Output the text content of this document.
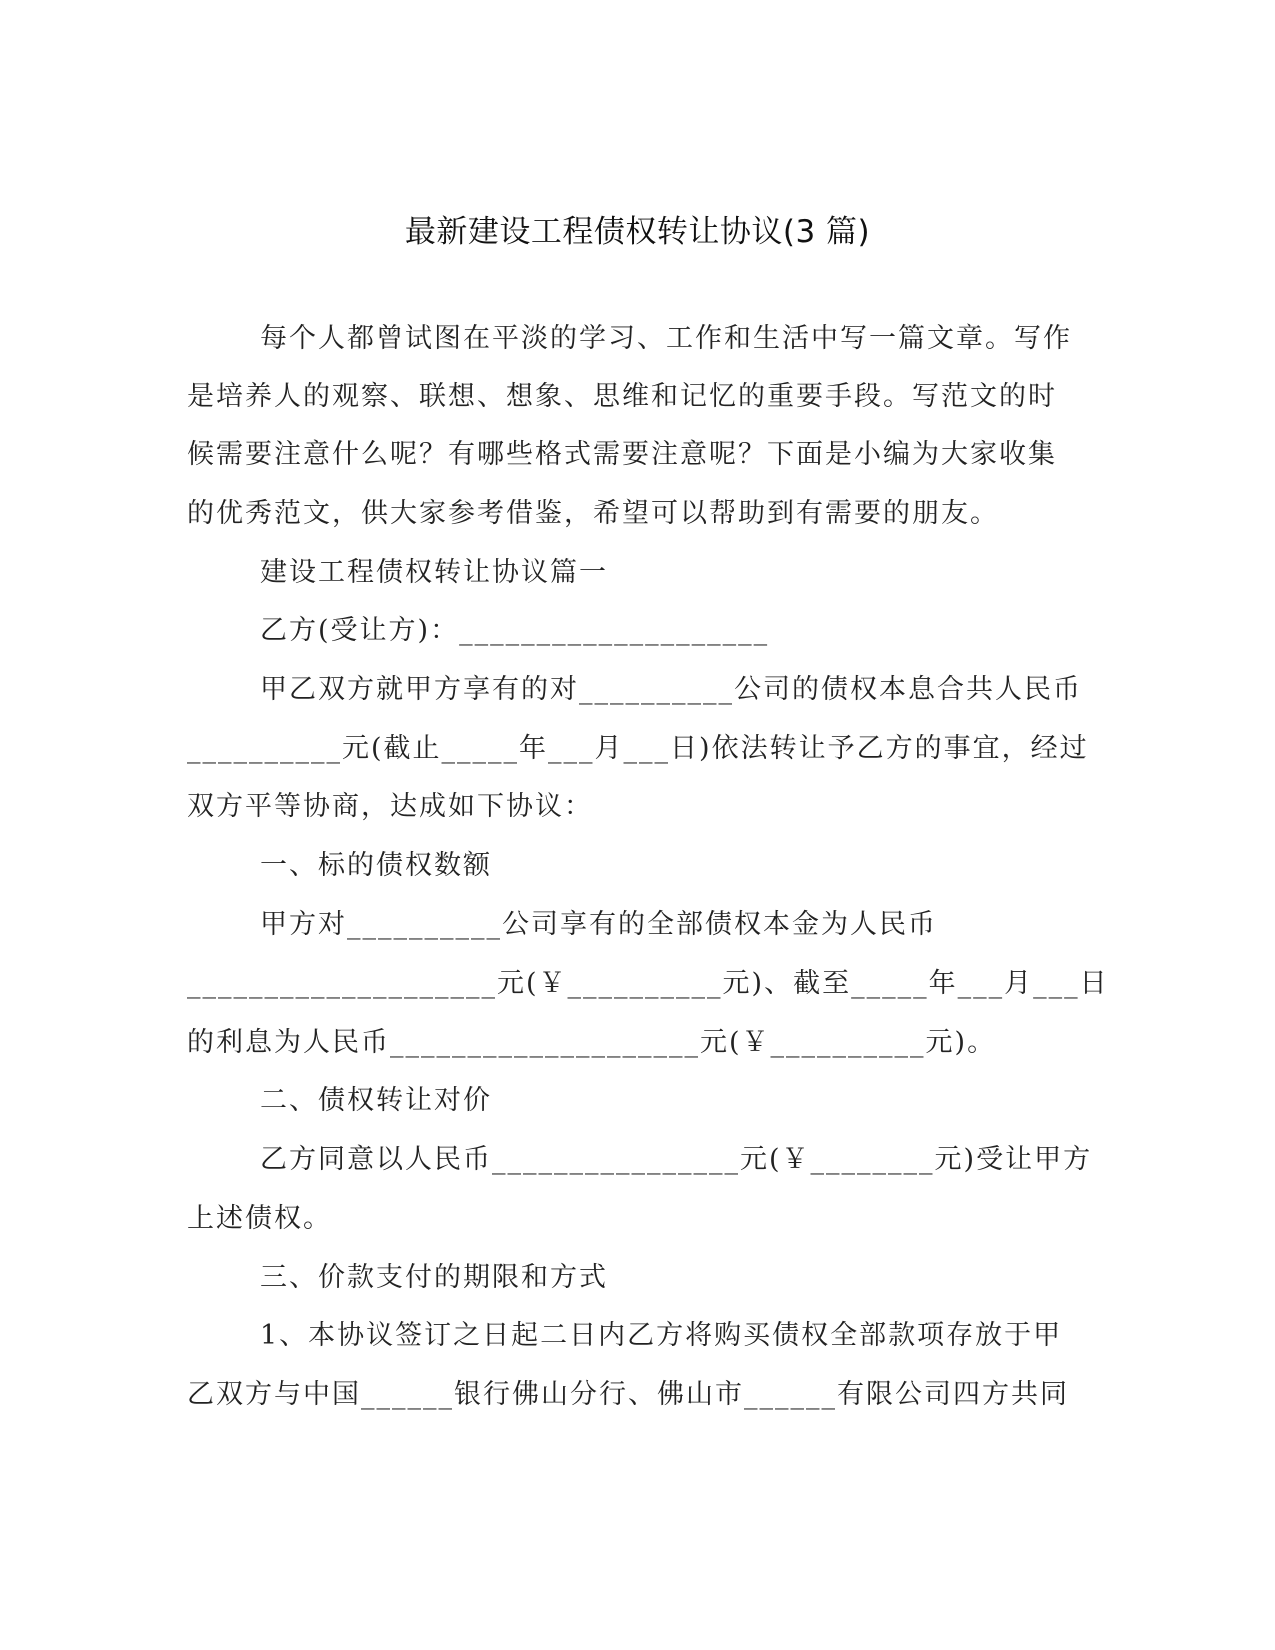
最新建设工程债权转让协议(3 篇)
每个人都曾试图在平淡的学习、工作和生活中写一篇文章。写作
是培养人的观察、联想、想象、思维和记忆的重要手段。写范文的时
候需要注意什么呢？有哪些格式需要注意呢？下面是小编为大家收集
的优秀范文，供大家参考借鉴，希望可以帮助到有需要的朋友。
建设工程债权转让协议篇一
乙方(受让方)：____________________
甲乙双方就甲方享有的对__________公司的债权本息合共人民币
__________元(截止_____年___月___日)依法转让予乙方的事宜，经过
双方平等协商，达成如下协议：
一、标的债权数额
甲方对__________公司享有的全部债权本金为人民币
____________________元(￥__________元)、截至_____年___月___日
的利息为人民币____________________元(￥__________元)。
二、债权转让对价
乙方同意以人民币________________元(￥________元)受让甲方
上述债权。
三、价款支付的期限和方式
1、本协议签订之日起二日内乙方将购买债权全部款项存放于甲
乙双方与中国______银行佛山分行、佛山市______有限公司四方共同
